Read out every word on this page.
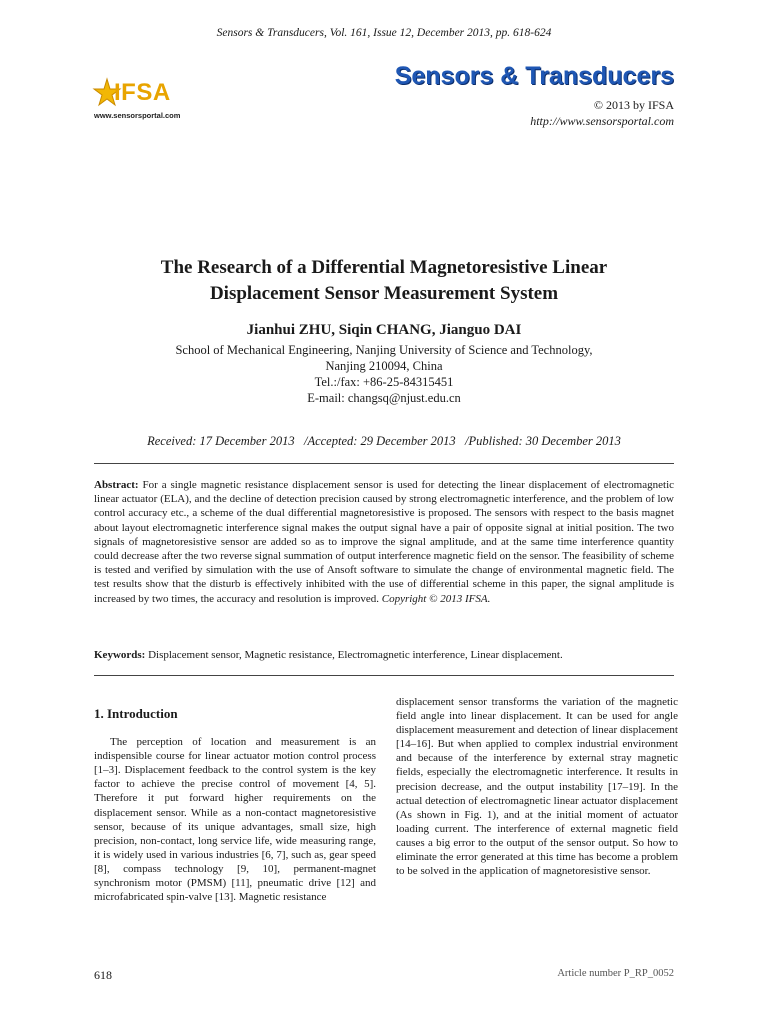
Sensors & Transducers, Vol. 161, Issue 12, December 2013, pp. 618-624
IFSA
www.sensorsportal.com
Sensors & Transducers
© 2013 by IFSA
http://www.sensorsportal.com
The Research of a Differential Magnetoresistive Linear
Displacement Sensor Measurement System
Jianhui ZHU, Siqin CHANG, Jianguo DAI
School of Mechanical Engineering, Nanjing University of Science and Technology,
Nanjing 210094, China
Tel.:/fax: +86-25-84315451
E-mail: changsq@njust.edu.cn
Received: 17 December 2013   /Accepted: 29 December 2013   /Published: 30 December 2013
Abstract: For a single magnetic resistance displacement sensor is used for detecting the linear displacement of electromagnetic linear actuator (ELA), and the decline of detection precision caused by strong electromagnetic interference, and the problem of low control accuracy etc., a scheme of the dual differential magnetoresistive is proposed. The sensors with respect to the basis magnet about layout electromagnetic interference signal makes the output signal have a pair of opposite signal at initial position. The two signals of magnetoresistive sensor are added so as to improve the signal amplitude, and at the same time interference quantity could decrease after the two reverse signal summation of output interference magnetic field on the sensor. The feasibility of scheme is tested and verified by simulation with the use of Ansoft software to simulate the change of environmental magnetic field. The test results show that the disturb is effectively inhibited with the use of differential scheme in this paper, the signal amplitude is increased by two times, the accuracy and resolution is improved. Copyright © 2013 IFSA.
Keywords: Displacement sensor, Magnetic resistance, Electromagnetic interference, Linear displacement.
1. Introduction
The perception of location and measurement is an indispensible course for linear actuator motion control process [1–3]. Displacement feedback to the control system is the key factor to achieve the precise control of movement [4, 5]. Therefore it put forward higher requirements on the displacement sensor. While as a non-contact magnetoresistive sensor, because of its unique advantages, small size, high precision, non-contact, long service life, wide measuring range, it is widely used in various industries [6, 7], such as, gear speed [8], compass technology [9, 10], permanent-magnet synchronism motor (PMSM) [11], pneumatic drive [12] and microfabricated spin-valve [13]. Magnetic resistance
displacement sensor transforms the variation of the magnetic field angle into linear displacement. It can be used for angle displacement measurement and detection of linear displacement [14–16]. But when applied to complex industrial environment and because of the interference by external stray magnetic fields, especially the electromagnetic interference. It results in precision decrease, and the output instability [17–19]. In the actual detection of electromagnetic linear actuator displacement (As shown in Fig. 1), and at the initial moment of actuator loading current. The interference of external magnetic field causes a big error to the output of the sensor output. So how to eliminate the error generated at this time has become a problem to be solved in the application of magnetoresistive sensor.
618	Article number P_RP_0052
